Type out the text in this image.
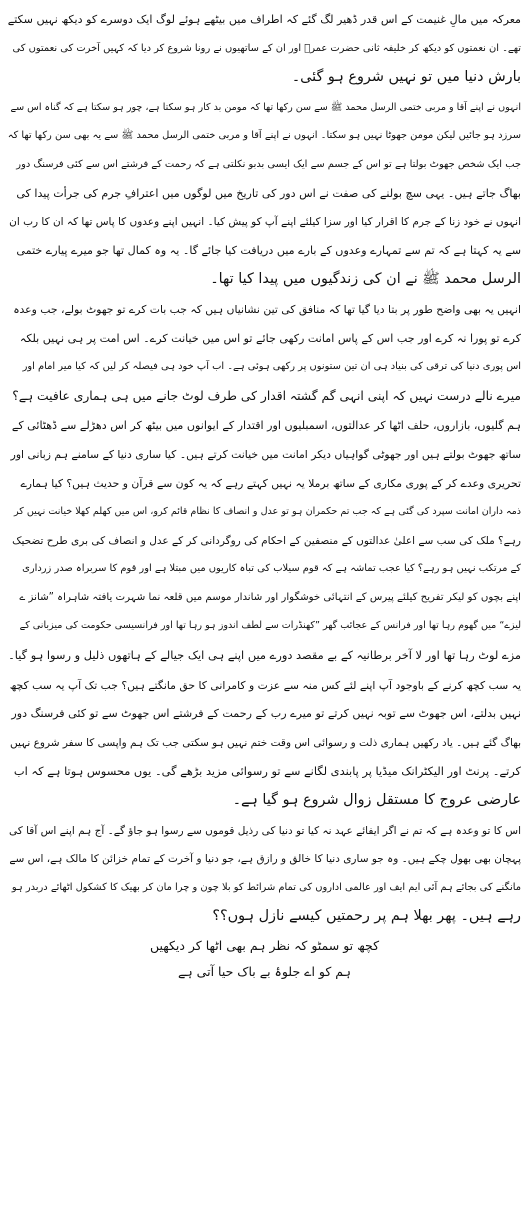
معرکہ میں مالِ غنیمت کے اس قدر ڈھیر لگ گئے کہ اطراف میں بیٹھے ہوئے لوگ ایک دوسرے کو دیکھ نہیں سکتے
تھے۔ ان نعمتوں کو دیکھ کر خلیفہ ثانی حضرت عمرؓ اور ان کے ساتھیوں نے رونا شروع کر دیا کہ کہیں آخرت کی نعمتوں کی
بارش دنیا میں تو نہیں شروع ہو گئی۔

انہوں نے اپنے آقا و مربی ختمی الرسل محمد ﷺ سے سن رکھا تھا کہ مومن بد کار ہو سکتا ہے، چور ہو سکتا ہے کہ گناہ اس سے
سرزد ہو جائیں لیکن مومن جھوٹا نہیں ہو سکتا۔ انہوں نے اپنے آقا و مربی ختمی الرسل محمد ﷺ سے یہ بھی سن رکھا تھا کہ
جب ایک شخص جھوٹ بولتا ہے تو اس کے جسم سے ایک ایسی بدبو نکلتی ہے کہ رحمت کے فرشتے اس سے کئی فرسنگ دور
بھاگ جاتے ہیں۔ یہی سچ بولنے کی صفت نے اس دور کی تاریخ میں لوگوں میں اعترافِ جرم کی جرأت پیدا کی
انہوں نے خود زنا کے جرم کا اقرار کیا اور سزا کیلئے اپنے آپ کو پیش کیا۔ انہیں اپنے وعدوں کا پاس تھا کہ ان کا رب ان
سے یہ کہتا ہے کہ تم سے تمہارے وعدوں کے بارے میں دریافت کیا جائے گا۔ یہ وہ کمال تھا جو میرے پیارے ختمی
الرسل محمد ﷺ نے ان کی زندگیوں میں پیدا کیا تھا۔

انہیں یہ بھی واضح طور پر بتا دیا گیا تھا کہ منافق کی تین نشانیاں ہیں کہ جب بات کرے تو جھوٹ بولے، جب وعدہ
کرے تو پورا نہ کرے اور جب اس کے پاس امانت رکھی جائے تو اس میں خیانت کرے۔ اس امت پر ہی نہیں بلکہ
اس پوری دنیا کی ترقی کی بنیاد ہی ان تین ستونوں پر رکھی ہوئی ہے۔ اب آپ خود ہی فیصلہ کر لیں کہ کیا میر امام اور
میرے نالے درست نہیں کہ اپنی انہی گم گشتہ اقدار کی طرف لوٹ جانے میں ہی ہماری عافیت ہے؟

ہم گلیوں، بازاروں، حلف اٹھا کر عدالتوں، اسمبلیوں اور اقتدار کے ایوانوں میں بیٹھ کر اس دھڑلے سے ڈھٹائی کے
ساتھ جھوٹ بولتے ہیں اور جھوٹی گواہیاں دیکر امانت میں خیانت کرتے ہیں۔ کیا ساری دنیا کے سامنے ہم زبانی اور
تحریری وعدے کر کے پوری مکاری کے ساتھ برملا یہ نہیں کہتے رہے کہ یہ کون سے قرآن و حدیث ہیں؟ کیا ہمارے
ذمہ داران امانت سپرد کی گئی ہے کہ جب تم حکمران ہو تو عدل و انصاف کا نظام قائم کرو، اس میں کھلم کھلا خیانت نہیں کر
رہے؟ ملک کی سب سے اعلیٰ عدالتوں کے منصفین کے احکام کی روگردانی کر کے عدل و انصاف کی بری طرح تضحیک
کے مرتکب نہیں ہو رہے؟ کیا عجب تماشہ ہے کہ قوم سیلاب کی تباہ کاریوں میں مبتلا ہے اور قوم کا سربراہ صدر زرداری
اپنے بچوں کو لیکر تفریح کیلئے پیرس کے انتہائی خوشگوار اور شاندار موسم میں قلعہ نما شہرت یافتہ شاہراہ ”شانز ے
لیزے“ میں گھوم رہا تھا اور فرانس کے عجائب گھر ”کھنڈرات سے لطف اندوز ہو رہا تھا اور فرانسیسی حکومت کی میزبانی کے
مزے لوٹ رہا تھا اور لا آخر برطانیہ کے بے مقصد دورے میں اپنے ہی ایک جیالے کے ہاتھوں ذلیل و رسوا ہو گیا۔

یہ سب کچھ کرنے کے باوجود آپ اپنے لئے کس منہ سے عزت و کامرانی کا حق مانگتے ہیں؟ جب تک آپ یہ سب کچھ
نہیں بدلتے، اس جھوٹ سے توبہ نہیں کرتے تو میرے رب کے رحمت کے فرشتے اس جھوٹ سے تو کئی فرسنگ دور
بھاگ گئے ہیں۔ یاد رکھیں ہماری ذلت و رسوائی اس وقت ختم نہیں ہو سکتی جب تک ہم واپسی کا سفر شروع نہیں
کرتے۔ پرنٹ اور الیکٹرانک میڈیا پر پابندی لگانے سے تو رسوائی مزید بڑھے گی۔ یوں محسوس ہوتا ہے کہ اب
عارضی عروج کا مستقل زوال شروع ہو گیا ہے۔

اس کا تو وعدہ ہے کہ تم نے اگر ایفائے عہد نہ کیا تو دنیا کی رذیل قوموں سے رسوا ہو جاؤ گے۔ آج ہم اپنے اس آقا کی
پہچان بھی بھول چکے ہیں۔ وہ جو ساری دنیا کا خالق و رازق ہے، جو دنیا و آخرت کے تمام خزائن کا مالک ہے، اس سے
مانگنے کی بجائے ہم آئی ایم ایف اور عالمی اداروں کی تمام شرائط کو بلا چون و چرا مان کر بھیک کا کشکول اٹھائے دربدر ہو
رہے ہیں۔ پھر بھلا ہم پر رحمتیں کیسے نازل ہوں؟؟

کچھ تو سمٹو کہ نظر ہم بھی اٹھا کر دیکھیں
ہم کو اے جلوۂ بے باک حیا آتی ہے
